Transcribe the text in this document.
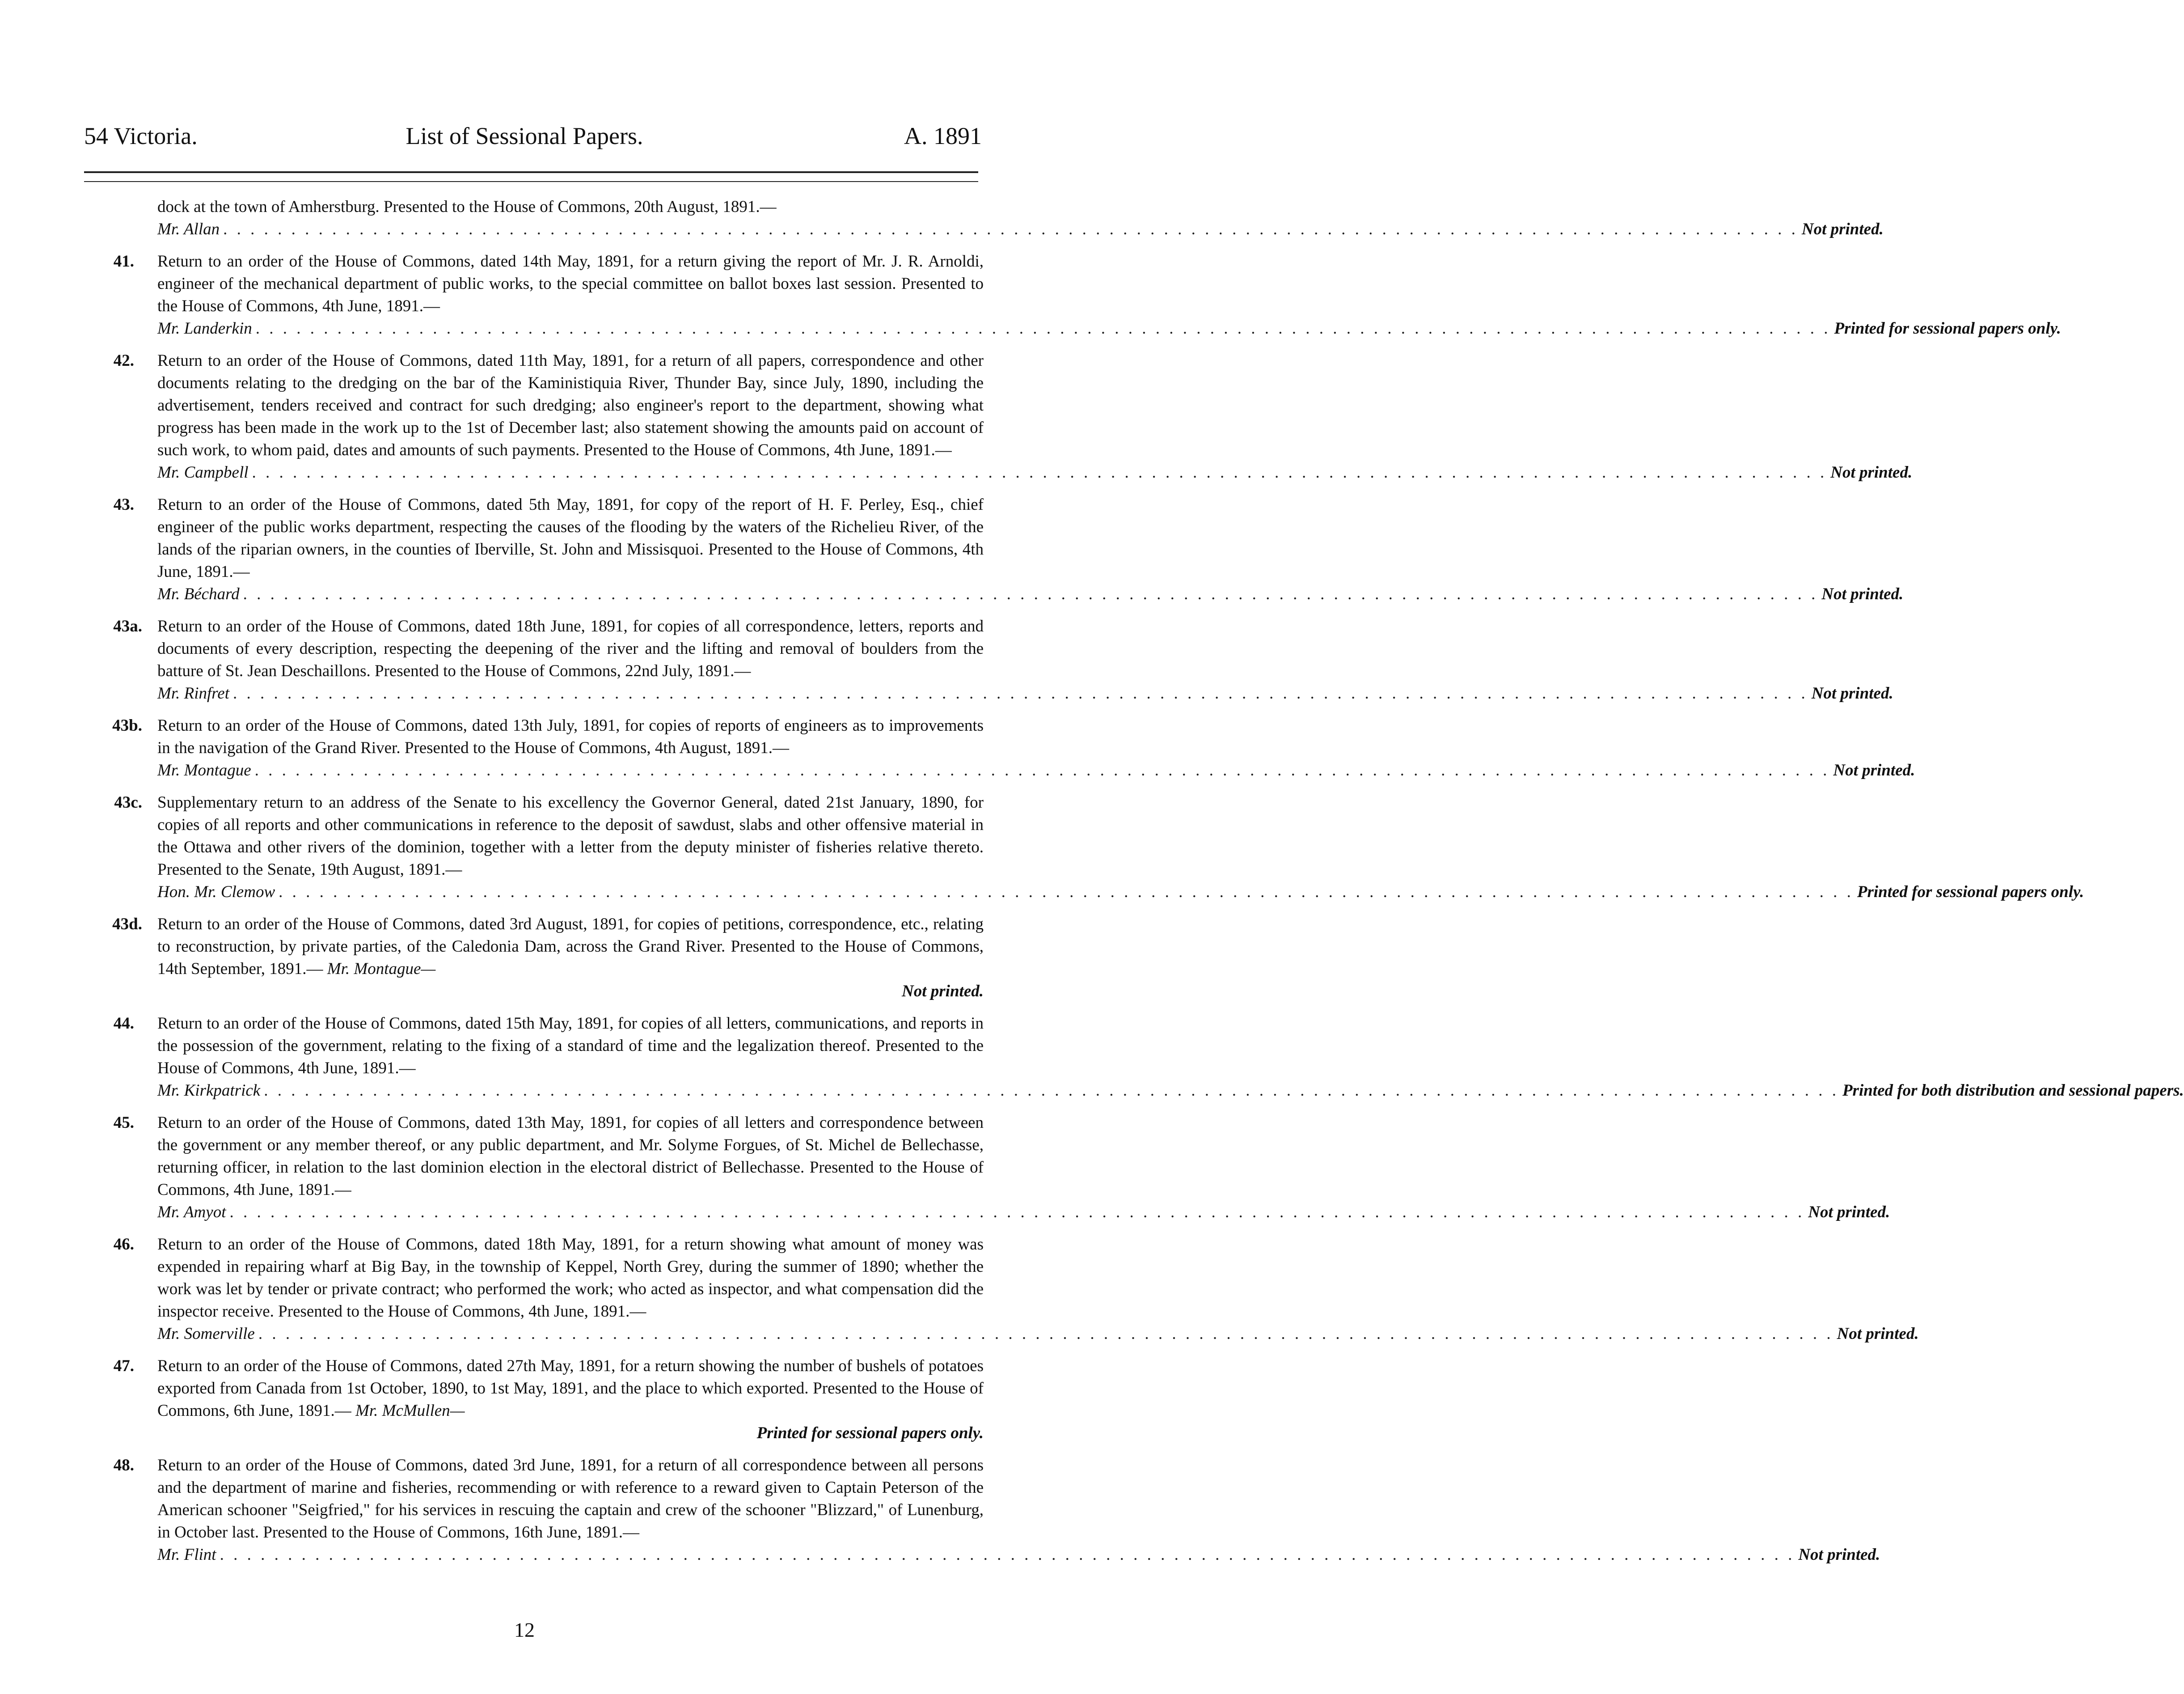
54 Victoria.	List of Sessional Papers.	A. 1891
dock at the town of Amherstburg. Presented to the House of Commons, 20th August, 1891.—
Mr. Allan . . . . . . . . . . . . . . . . . . . . . . . . . . . . . . . . . . . . . . . . . . . . . . . . . . . . . . . . . . . . . . . . . . . . . . . . . . . . . . . . . . . . . . . . . . . . . . . . . . . . . . . . . . . . . . . . . . . . Not printed.
41. Return to an order of the House of Commons, dated 14th May, 1891, for a return giving the report of Mr. J. R. Arnoldi, engineer of the mechanical department of public works, to the special committee on ballot boxes last session. Presented to the House of Commons, 4th June, 1891.—
Mr. Landerkin . . . . . . . . . . . . . . . . . . . . . . . . . . . . . . . . . . . . . . . . . . . . . . . . . . . . . . . . . . . . . . . . . . . . . . . . . . . . . . . . . . . . . . . . . . . . . . . . . . . . . . . . . . . . . . . . . . . . Printed for sessional papers only.
42. Return to an order of the House of Commons, dated 11th May, 1891, for a return of all papers, correspondence and other documents relating to the dredging on the bar of the Kaministiquia River, Thunder Bay, since July, 1890, including the advertisement, tenders received and contract for such dredging; also engineer's report to the department, showing what progress has been made in the work up to the 1st of December last; also statement showing the amounts paid on account of such work, to whom paid, dates and amounts of such payments. Presented to the House of Commons, 4th June, 1891.—
Mr. Campbell . . . . . . . . . . . . . . . . . . . . . . . . . . . . . . . . . . . . . . . . . . . . . . . . . . . . . . . . . . . . . . . . . . . . . . . . . . . . . . . . . . . . . . . . . . . . . . . . . . . . . . . . . . . . . . . . . . . . Not printed.
43. Return to an order of the House of Commons, dated 5th May, 1891, for copy of the report of H. F. Perley, Esq., chief engineer of the public works department, respecting the causes of the flooding by the waters of the Richelieu River, of the lands of the riparian owners, in the counties of Iberville, St. John and Missisquoi. Presented to the House of Commons, 4th June, 1891.—
Mr. Béchard . . . . . . . . . . . . . . . . . . . . . . . . . . . . . . . . . . . . . . . . . . . . . . . . . . . . . . . . . . . . . . . . . . . . . . . . . . . . . . . . . . . . . . . . . . . . . . . . . . . . . . . . . . . . . . . . . . . . Not printed.
43a. Return to an order of the House of Commons, dated 18th June, 1891, for copies of all correspondence, letters, reports and documents of every description, respecting the deepening of the river and the lifting and removal of boulders from the batture of St. Jean Deschaillons. Presented to the House of Commons, 22nd July, 1891.—
Mr. Rinfret . . . . . . . . . . . . . . . . . . . . . . . . . . . . . . . . . . . . . . . . . . . . . . . . . . . . . . . . . . . . . . . . . . . . . . . . . . . . . . . . . . . . . . . . . . . . . . . . . . . . . . . . . . . . . . . . . . . . Not printed.
43b. Return to an order of the House of Commons, dated 13th July, 1891, for copies of reports of engineers as to improvements in the navigation of the Grand River. Presented to the House of Commons, 4th August, 1891.—
Mr. Montague . . . . . . . . . . . . . . . . . . . . . . . . . . . . . . . . . . . . . . . . . . . . . . . . . . . . . . . . . . . . . . . . . . . . . . . . . . . . . . . . . . . . . . . . . . . . . . . . . . . . . . . . . . . . . . . . . . . . Not printed.
43c. Supplementary return to an address of the Senate to his excellency the Governor General, dated 21st January, 1890, for copies of all reports and other communications in reference to the deposit of sawdust, slabs and other offensive material in the Ottawa and other rivers of the dominion, together with a letter from the deputy minister of fisheries relative thereto. Presented to the Senate, 19th August, 1891.—
Hon. Mr. Clemow . . . . . . . . . . . . . . . . . . . . . . . . . . . . . . . . . . . . . . . . . . . . . . . . . . . . . . . . . . . . . . . . . . . . . . . . . . . . . . . . . . . . . . . . . . . . . . . . . . . . . . . . . . . . . . . . . . . . Printed for sessional papers only.
43d. Return to an order of the House of Commons, dated 3rd August, 1891, for copies of petitions, correspondence, etc., relating to reconstruction, by private parties, of the Caledonia Dam, across the Grand River. Presented to the House of Commons, 14th September, 1891.— Mr. Montague—
Not printed.
44. Return to an order of the House of Commons, dated 15th May, 1891, for copies of all letters, communications, and reports in the possession of the government, relating to the fixing of a standard of time and the legalization thereof. Presented to the House of Commons, 4th June, 1891.—
Mr. Kirkpatrick . . . . . . . . . . . . . . . . . . . . . . . . . . . . . . . . . . . . . . . . . . . . . . . . . . . . . . . . . . . . . . . . . . . . . . . . . . . . . . . . . . . . . . . . . . . . . . . . . . . . . . . . . . . . . . . . . . . . Printed for both distribution and sessional papers.
45. Return to an order of the House of Commons, dated 13th May, 1891, for copies of all letters and correspondence between the government or any member thereof, or any public department, and Mr. Solyme Forgues, of St. Michel de Bellechasse, returning officer, in relation to the last dominion election in the electoral district of Bellechasse. Presented to the House of Commons, 4th June, 1891.—
Mr. Amyot . . . . . . . . . . . . . . . . . . . . . . . . . . . . . . . . . . . . . . . . . . . . . . . . . . . . . . . . . . . . . . . . . . . . . . . . . . . . . . . . . . . . . . . . . . . . . . . . . . . . . . . . . . . . . . . . . . . . Not printed.
46. Return to an order of the House of Commons, dated 18th May, 1891, for a return showing what amount of money was expended in repairing wharf at Big Bay, in the township of Keppel, North Grey, during the summer of 1890; whether the work was let by tender or private contract; who performed the work; who acted as inspector, and what compensation did the inspector receive. Presented to the House of Commons, 4th June, 1891.—
Mr. Somerville . . . . . . . . . . . . . . . . . . . . . . . . . . . . . . . . . . . . . . . . . . . . . . . . . . . . . . . . . . . . . . . . . . . . . . . . . . . . . . . . . . . . . . . . . . . . . . . . . . . . . . . . . . . . . . . . . . . . Not printed.
47. Return to an order of the House of Commons, dated 27th May, 1891, for a return showing the number of bushels of potatoes exported from Canada from 1st October, 1890, to 1st May, 1891, and the place to which exported. Presented to the House of Commons, 6th June, 1891.— Mr. McMullen—
Printed for sessional papers only.
48. Return to an order of the House of Commons, dated 3rd June, 1891, for a return of all correspondence between all persons and the department of marine and fisheries, recommending or with reference to a reward given to Captain Peterson of the American schooner "Seigfried," for his services in rescuing the captain and crew of the schooner "Blizzard," of Lunenburg, in October last. Presented to the House of Commons, 16th June, 1891.—
Mr. Flint . . . . . . . . . . . . . . . . . . . . . . . . . . . . . . . . . . . . . . . . . . . . . . . . . . . . . . . . . . . . . . . . . . . . . . . . . . . . . . . . . . . . . . . . . . . . . . . . . . . . . . . . . . . . . . . . . . . . Not printed.
12
